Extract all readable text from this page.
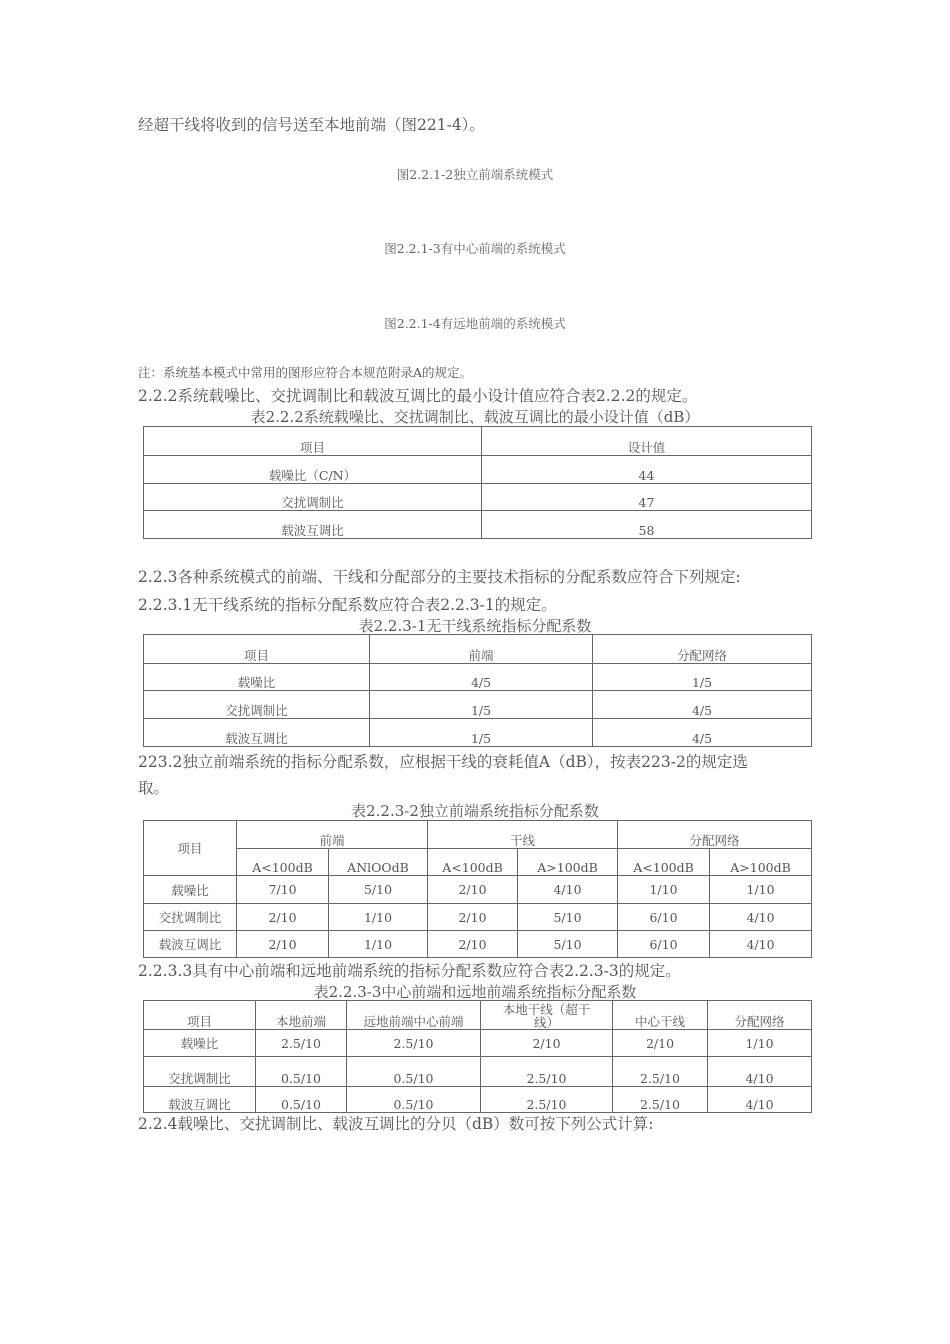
经超干线将收到的信号送至本地前端（图221-4）。
图2.2.1-2独立前端系统模式
图2.2.1-3有中心前端的系统模式
图2.2.1-4有远地前端的系统模式
注：系统基本模式中常用的图形应符合本规范附录A的规定。
2.2.2系统载噪比、交扰调制比和载波互调比的最小设计值应符合表2.2.2的规定。
表2.2.2系统载噪比、交扰调制比、载波互调比的最小设计值（dB）
项目	设计值
载噪比（C/N）	44
交扰调制比	47
载波互调比	58
2.2.3各种系统模式的前端、干线和分配部分的主要技术指标的分配系数应符合下列规定:
2.2.3.1无干线系统的指标分配系数应符合表2.2.3-1的规定。
表2.2.3-1无干线系统指标分配系数
项目	前端	分配网络
载噪比	4/5	1/5
交扰调制比	1/5	4/5
载波互调比	1/5	4/5
223.2独立前端系统的指标分配系数，应根据干线的衰耗值A（dB），按表223-2的规定选
取。
表2.2.3-2独立前端系统指标分配系数
项目	前端		干线		分配网络	
	A<100dB	ANlOOdB	A<100dB	A>100dB	A<100dB	A>100dB
载噪比	7/10	5/10	2/10	4/10	1/10	1/10
交扰调制比	2/10	1/10	2/10	5/10	6/10	4/10
载波互调比	2/10	1/10	2/10	5/10	6/10	4/10
2.2.3.3具有中心前端和远地前端系统的指标分配系数应符合表2.2.3-3的规定。
表2.2.3-3中心前端和远地前端系统指标分配系数
项目	本地前端	远地前端中心前端	本地干线（超干线）	中心干线	分配网络
载噪比	2.5/10	2.5/10	2/10	2/10	1/10
交扰调制比	0.5/10	0.5/10	2.5/10	2.5/10	4/10
载波互调比	0.5/10	0.5/10	2.5/10	2.5/10	4/10
2.2.4载噪比、交扰调制比、载波互调比的分贝（dB）数可按下列公式计算:
